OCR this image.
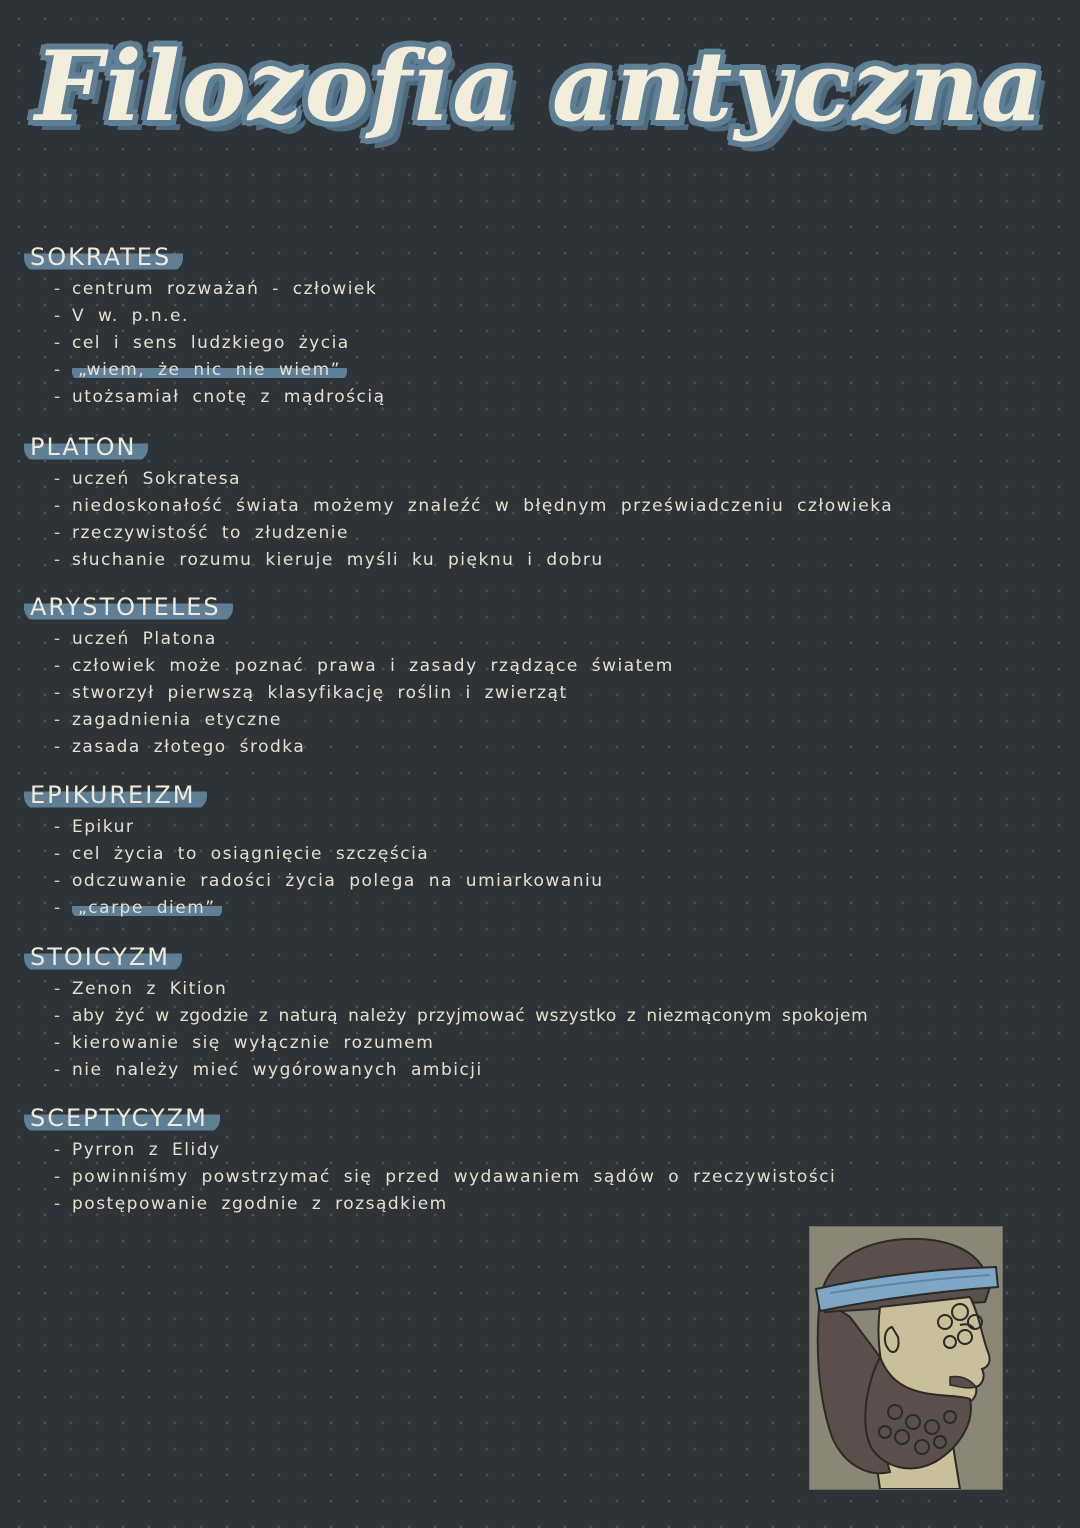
Filozofia antyczna
SOKRATES
- centrum rozważań - człowiek
- V w. p.n.e.
- cel i sens ludzkiego życia
- „wiem, że nic nie wiem”
- utożsamiał cnotę z mądrością
PLATON
- uczeń Sokratesa
- niedoskonałość świata możemy znaleźć w błędnym przeświadczeniu człowieka
- rzeczywistość to złudzenie
- słuchanie rozumu kieruje myśli ku pięknu i dobru
ARYSTOTELES
- uczeń Platona
- człowiek może poznać prawa i zasady rządzące światem
- stworzył pierwszą klasyfikację roślin i zwierząt
- zagadnienia etyczne
- zasada złotego środka
EPIKUREIZM
- Epikur
- cel życia to osiągnięcie szczęścia
- odczuwanie radości życia polega na umiarkowaniu
- „carpe diem”
STOICYZM
- Zenon z Kition
- aby żyć w zgodzie z naturą należy przyjmować wszystko z niezmąconym spokojem
- kierowanie się wyłącznie rozumem
- nie należy mieć wygórowanych ambicji
SCEPTYCYZM
- Pyrron z Elidy
- powinniśmy powstrzymać się przed wydawaniem sądów o rzeczywistości
- postępowanie zgodnie z rozsądkiem
